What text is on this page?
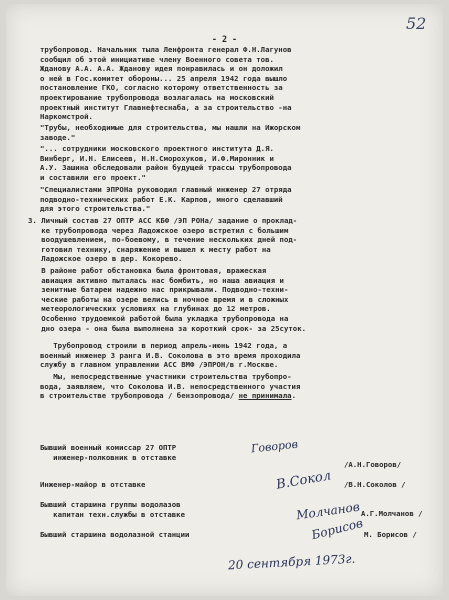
52
- 2 -
трубопровод. Начальник тыла Ленфронта генерал Ф.Н.Лагунов
сообщил об этой инициативе члену Военного совета тов.
Жданову А.А. А.А. Жданову идея понравилась и он доложил
о ней в Гос.комитет обороны... 25 апреля 1942 года вышло
постановление ГКО, согласно которому ответственность за
проектирование трубопровода возлагалась на московский
проектный институт Главнефтеснаба, а за строительство -на
Наркомстрой.
"Трубы, необходимые для строительства, мы нашли на Ижорском
заводе."
"... сотрудники московского проектного института Д.Я.
Винберг, И.Н. Елисеев, Н.Н.Сморохуков, И.Ф.Миронник и
А.У. Зашина обследовали район будущей трассы трубопровода
и составили его проект."
"Специалистами ЭПРОНа руководил главный инженер 27 отряда
подводно-технических работ Е.К. Карпов, много сделавший
для этого строительства."
3. Личный состав 27 ОПТР АСС КБФ /ЭП РОНа/ задание о проклад-
ке трубопровода через Ладожское озеро встретил с большим
воодушевлением, по-боевому, в течение нескольких дней под-
готовил технику, снаряжение и вышел к месту работ на
Ладожское озеро в дер. Кокорево.
В районе работ обстановка была фронтовая, вражеская
авиация активно пыталась нас бомбить, но наша авиация и
зенитные батареи надежно нас прикрывали. Подводно-техни-
ческие работы на озере велись в ночное время и в сложных
метеорологических условиях на глубинах до 12 метров.
Особенно трудоемкой работой была укладка трубопровода на
дно озера - она была выполнена за короткий срок- за 25суток.
Трубопровод строили в период апрель-июнь 1942 года, а
военный инженер 3 ранга И.В. Соколова в это время проходила
службу в главном управлении АСС ВМФ /ЭПРОН/в г.Москве.
Мы, непосредственные участники строительства трубопро-
вода, заявляем, что Соколова И.В. непосредственного участия
в строительстве трубопровода / бензопровода/ не принимала.
Бывший военный комиссар 27 ОПТР
инженер-полковник в отставке
/А.Н.Говоров/
Говоров
Инженер-майор в отставке	/В.Н.Соколов /
В.Сокол
Бывший старшина группы водолазов
капитан техн.службы в отставке	А.Г.Молчанов /
Молчанов
Бывший старшина водолазной станции	М. Борисов /
Борисов
20 сентября 1973г.
